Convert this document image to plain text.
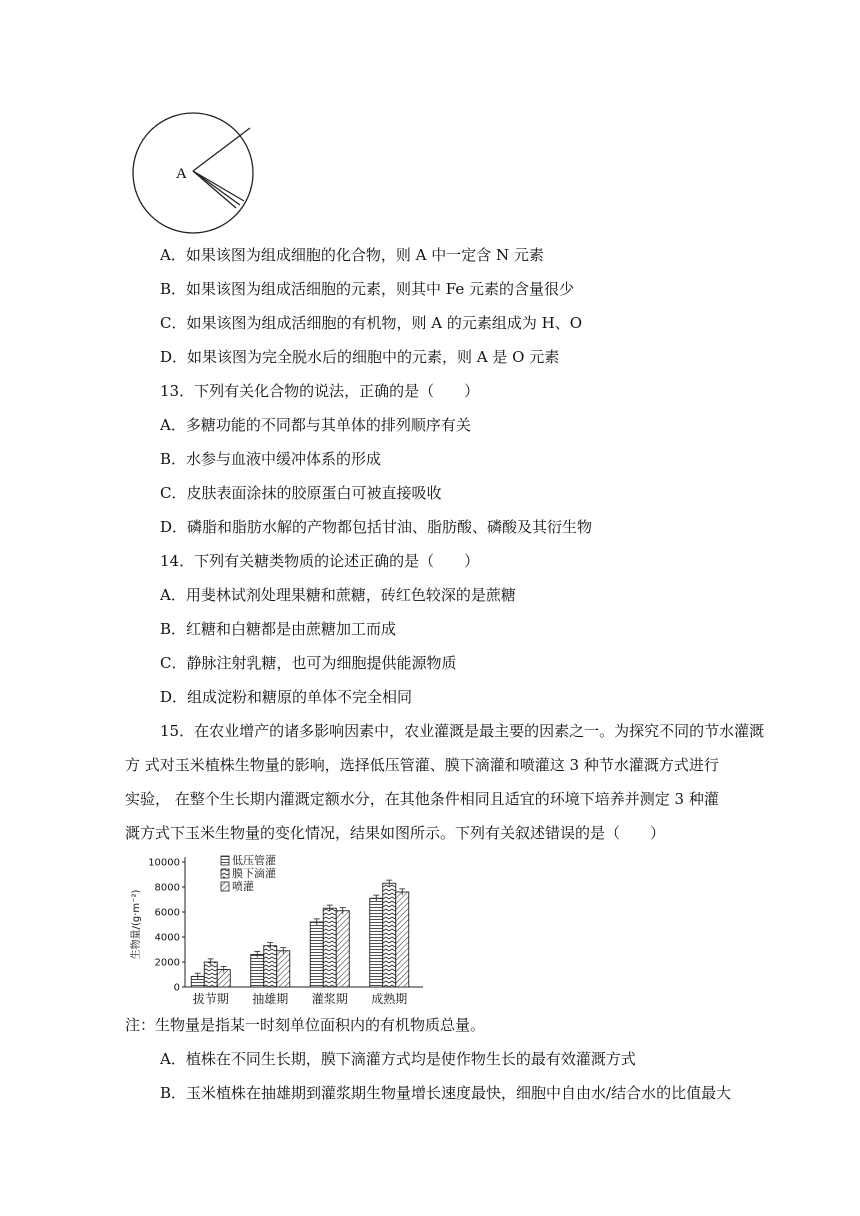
A
A．如果该图为组成细胞的化合物，则 A 中一定含 N 元素
B．如果该图为组成活细胞的元素，则其中 Fe 元素的含量很少
C．如果该图为组成活细胞的有机物，则 A 的元素组成为 H、O
D．如果该图为完全脱水后的细胞中的元素，则 A 是 O 元素
13．下列有关化合物的说法，正确的是（　　）
A．多糖功能的不同都与其单体的排列顺序有关
B．水参与血液中缓冲体系的形成
C．皮肤表面涂抹的胶原蛋白可被直接吸收
D．磷脂和脂肪水解的产物都包括甘油、脂肪酸、磷酸及其衍生物
14．下列有关糖类物质的论述正确的是（　　）
A．用斐林试剂处理果糖和蔗糖，砖红色较深的是蔗糖
B．红糖和白糖都是由蔗糖加工而成
C．静脉注射乳糖，也可为细胞提供能源物质
D．组成淀粉和糖原的单体不完全相同
15．在农业增产的诸多影响因素中，农业灌溉是最主要的因素之一。为探究不同的节水灌溉
方 式对玉米植株生物量的影响，选择低压管灌、膜下滴灌和喷灌这 3 种节水灌溉方式进行
实验， 在整个生长期内灌溉定额水分，在其他条件相同且适宜的环境下培养并测定 3 种灌
溉方式下玉米生物量的变化情况，结果如图所示。下列有关叙述错误的是（　　）
0
2000
4000
6000
8000
10000
生物量/(g·m⁻²)
拔节期 抽雄期 灌浆期 成熟期
低压管灌
膜下滴灌
喷灌
注：生物量是指某一时刻单位面积内的有机物质总量。
A．植株在不同生长期，膜下滴灌方式均是使作物生长的最有效灌溉方式
B．玉米植株在抽雄期到灌浆期生物量增长速度最快，细胞中自由水/结合水的比值最大
